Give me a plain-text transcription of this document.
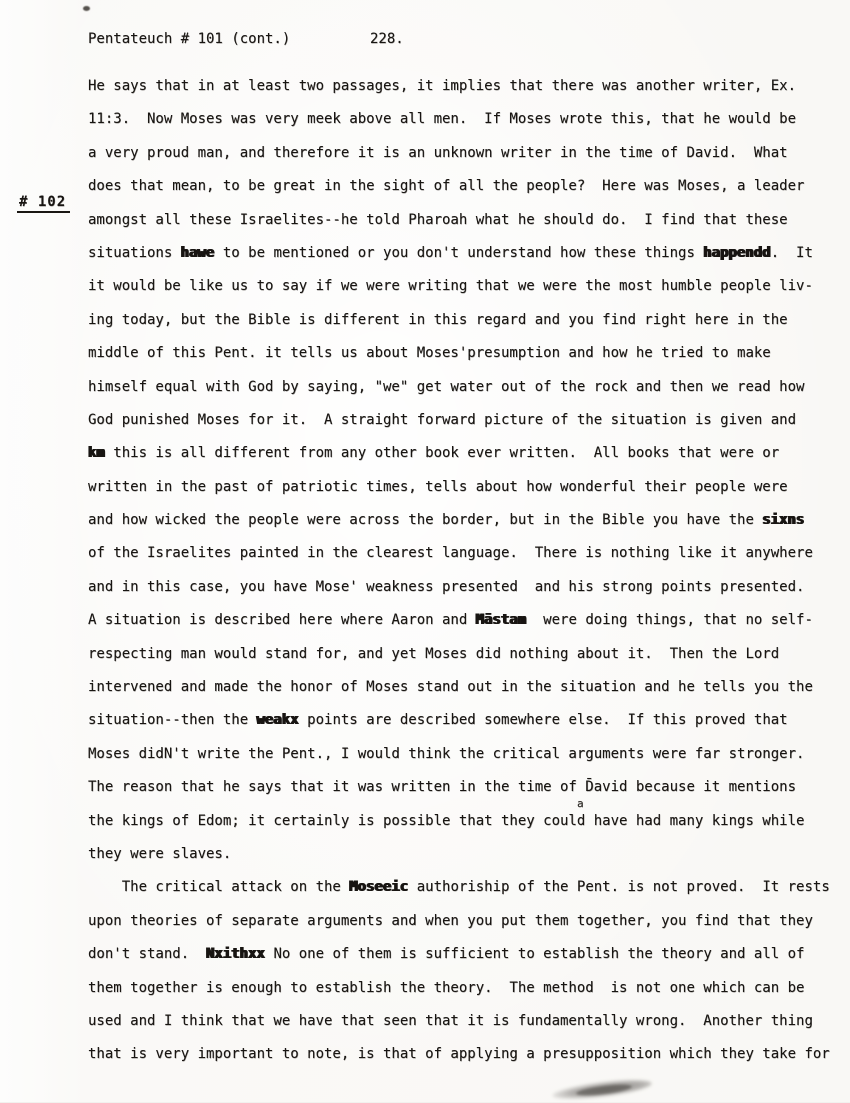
Pentateuch # 101 (cont.)	228.
# 102
He says that in at least two passages, it implies that there was another writer, Ex.
11:3.  Now Moses was very meek above all men.  If Moses wrote this, that he would be
a very proud man, and therefore it is an unknown writer in the time of David.  What
does that mean, to be great in the sight of all the people?  Here was Moses, a leader
amongst all these Israelites--he told Pharoah what he should do.  I find that these
situations hawe to be mentioned or you don't understand how these things happendd.  It
it would be like us to say if we were writing that we were the most humble people liv-
ing today, but the Bible is different in this regard and you find right here in the
middle of this Pent. it tells us about Moses'presumption and how he tried to make
himself equal with God by saying, "we" get water out of the rock and then we read how
God punished Moses for it.  A straight forward picture of the situation is given and
km this is all different from any other book ever written.  All books that were or
written in the past of patriotic times, tells about how wonderful their people were
and how wicked the people were across the border, but in the Bible you have the sixns
of the Israelites painted in the clearest language.  There is nothing like it anywhere
and in this case, you have Mose' weakness presented  and his strong points presented.
A situation is described here where Aaron and Mästam  were doing things, that no self-
respecting man would stand for, and yet Moses did nothing about it.  Then the Lord
intervened and made the honor of Moses stand out in the situation and he tells you the
situation--then the weakx points are described somewhere else.  If this proved that
Moses didN't write the Pent., I would think the critical arguments were far stronger.
The reason that he says that it was written in the time of D̄avid because it mentions
the kings of Edom; it certainly is possible that they could have had many kings while
they were slaves.
The critical attack on the Moseeic authoriship of the Pent. is not proved.  It rests
upon theories of separate arguments and when you put them together, you find that they
don't stand.  Nxithxx No one of them is sufficient to establish the theory and all of
them together is enough to establish the theory.  The method  is not one which can be
used and I think that we have that seen that it is fundamentally wrong.  Another thing
that is very important to note, is that of applying a presupposition which they take for
a
